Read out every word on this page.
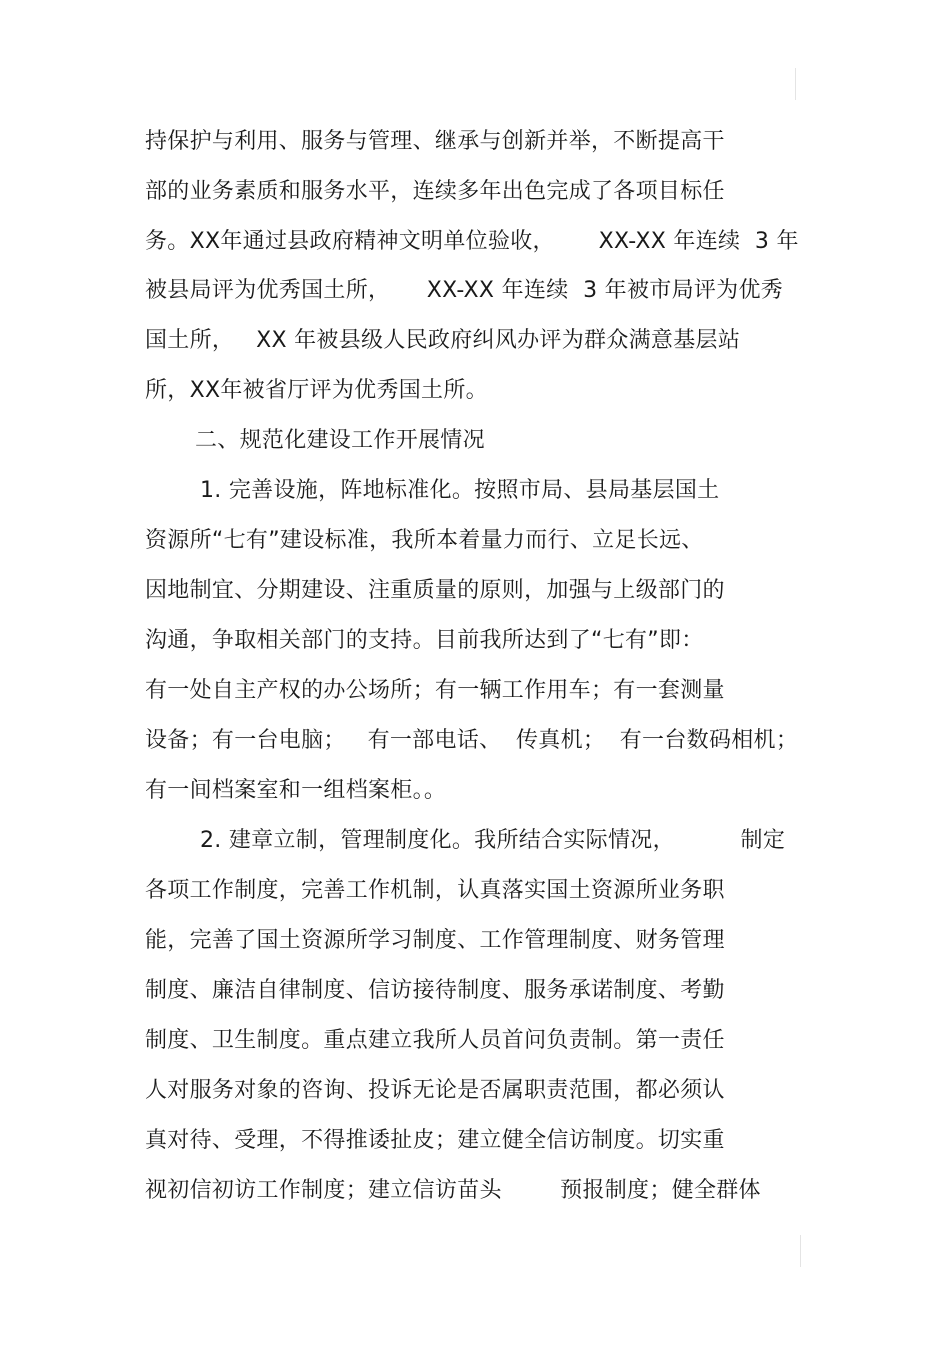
持保护与利用、服务与管理、继承与创新并举，不断提高干
部的业务素质和服务水平，连续多年出色完成了各项目标任
务。XX年通过县政府精神文明单位验收，      XX-XX 年连续  3 年
被县局评为优秀国土所，     XX-XX 年连续  3 年被市局评为优秀
国土所，   XX 年被县级人民政府纠风办评为群众满意基层站
所，XX年被省厅评为优秀国土所。
二、规范化建设工作开展情况
1. 完善设施，阵地标准化。按照市局、县局基层国土
资源所“七有”建设标准，我所本着量力而行、立足长远、
因地制宜、分期建设、注重质量的原则，加强与上级部门的
沟通，争取相关部门的支持。目前我所达到了“七有”即：
有一处自主产权的办公场所；有一辆工作用车；有一套测量
设备；有一台电脑；   有一部电话、  传真机；  有一台数码相机；
有一间档案室和一组档案柜。。
2. 建章立制，管理制度化。我所结合实际情况，         制定
各项工作制度，完善工作机制，认真落实国土资源所业务职
能，完善了国土资源所学习制度、工作管理制度、财务管理
制度、廉洁自律制度、信访接待制度、服务承诺制度、考勤
制度、卫生制度。重点建立我所人员首问负责制。第一责任
人对服务对象的咨询、投诉无论是否属职责范围，都必须认
真对待、受理，不得推诿扯皮；建立健全信访制度。切实重
视初信初访工作制度；建立信访苗头        预报制度；健全群体
